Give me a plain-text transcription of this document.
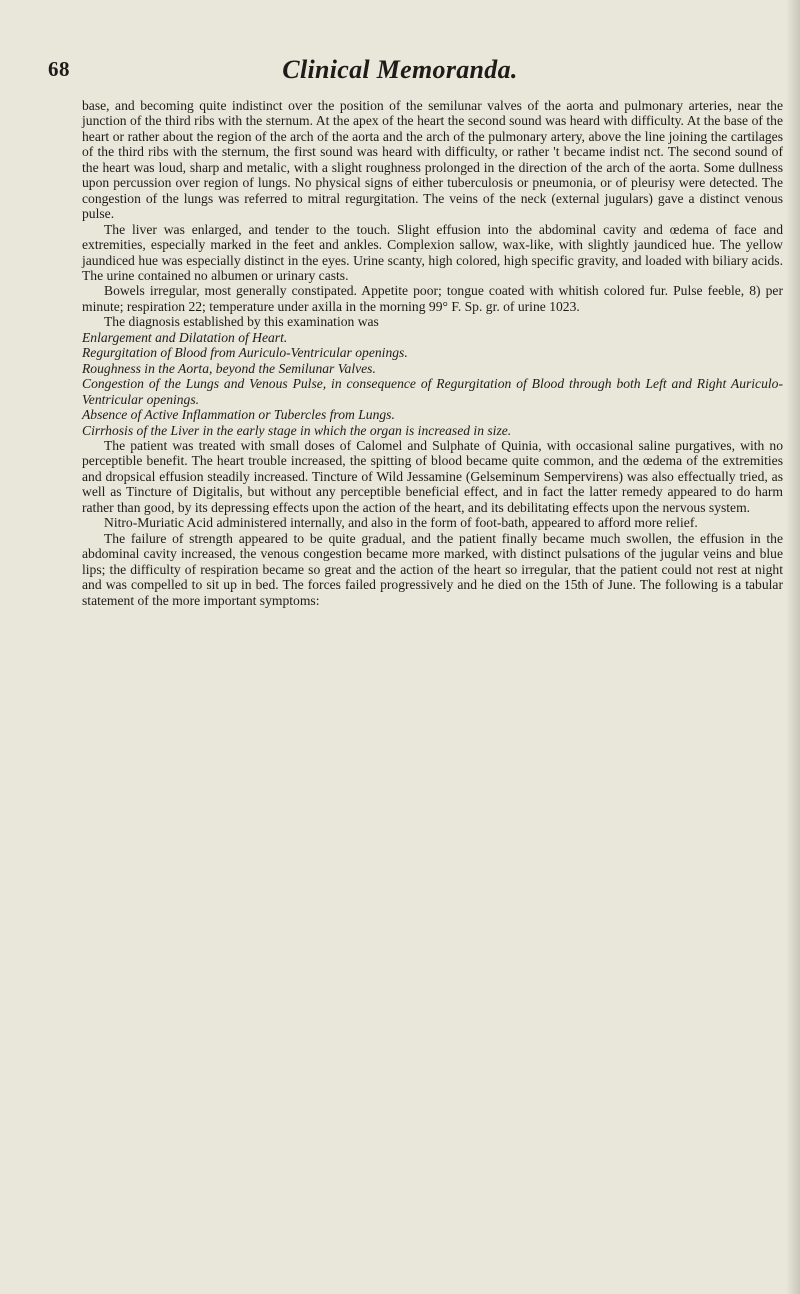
68	Clinical Memoranda.

base, and becoming quite indistinct over the position of the semilunar valves of the aorta and pulmonary arteries, near the junction of the third ribs with the sternum. At the apex of the heart the second sound was heard with difficulty. At the base of the heart or rather about the region of the arch of the aorta and the arch of the pulmonary artery, above the line joining the cartilages of the third ribs with the sternum, the first sound was heard with difficulty, or rather 't became indist nct. The second sound of the heart was loud, sharp and metalic, with a slight roughness prolonged in the direction of the arch of the aorta. Some dullness upon percussion over region of lungs. No physical signs of either tuberculosis or pneumonia, or of pleurisy were detected. The congestion of the lungs was referred to mitral regurgitation. The veins of the neck (external jugulars) gave a distinct venous pulse.

The liver was enlarged, and tender to the touch. Slight effusion into the abdominal cavity and œdema of face and extremities, especially marked in the feet and ankles. Complexion sallow, wax-like, with slightly jaundiced hue. The yellow jaundiced hue was especially distinct in the eyes. Urine scanty, high colored, high specific gravity, and loaded with biliary acids. The urine contained no albumen or urinary casts.

Bowels irregular, most generally constipated. Appetite poor; tongue coated with whitish colored fur. Pulse feeble, 8) per minute; respiration 22; temperature under axilla in the morning 99° F. Sp. gr. of urine 1023.

The diagnosis established by this examination was

Enlargement and Dilatation of Heart.

Regurgitation of Blood from Auriculo-Ventricular openings.

Roughness in the Aorta, beyond the Semilunar Valves.

Congestion of the Lungs and Venous Pulse, in consequence of Regurgitation of Blood through both Left and Right Auriculo-Ventricular openings.

Absence of Active Inflammation or Tubercles from Lungs.

Cirrhosis of the Liver in the early stage in which the organ is increased in size.

The patient was treated with small doses of Calomel and Sulphate of Quinia, with occasional saline purgatives, with no perceptible benefit. The heart trouble increased, the spitting of blood became quite common, and the œdema of the extremities and dropsical effusion steadily increased. Tincture of Wild Jessamine (Gelseminum Sempervirens) was also effectually tried, as well as Tincture of Digitalis, but without any perceptible beneficial effect, and in fact the latter remedy appeared to do harm rather than good, by its depressing effects upon the action of the heart, and its debilitating effects upon the nervous system.

Nitro-Muriatic Acid administered internally, and also in the form of foot-bath, appeared to afford more relief.

The failure of strength appeared to be quite gradual, and the patient finally became much swollen, the effusion in the abdominal cavity increased, the venous congestion became more marked, with distinct pulsations of the jugular veins and blue lips; the difficulty of respiration became so great and the action of the heart so irregular, that the patient could not rest at night and was compelled to sit up in bed. The forces failed progressively and he died on the 15th of June. The following is a tabular statement of the more important symptoms:
